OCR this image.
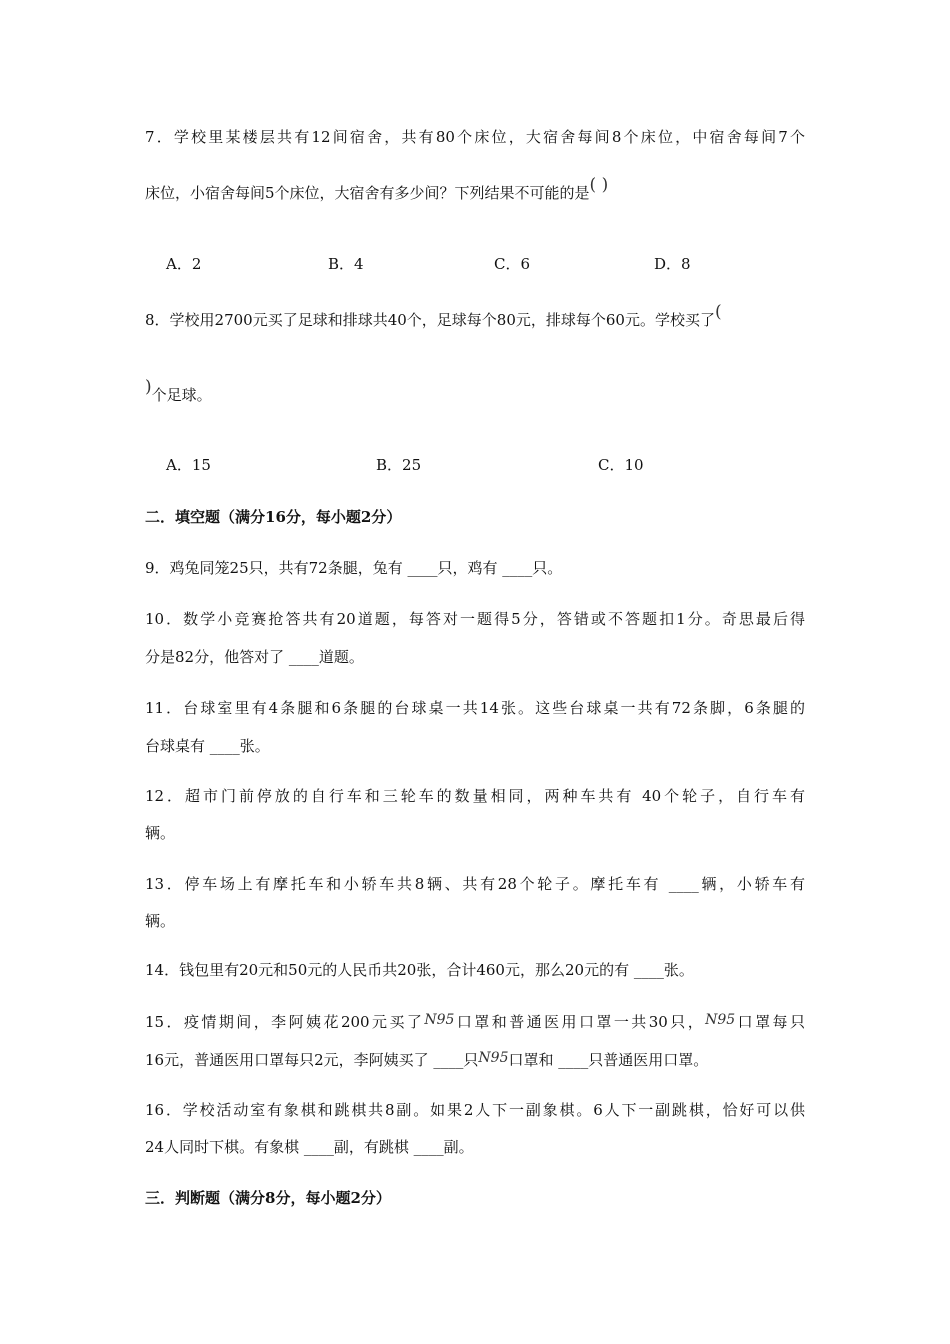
7．学校里某楼层共有12间宿舍，共有80个床位，大宿舍每间8个床位，中宿舍每间7个
床位，小宿舍每间5个床位，大宿舍有多少间？下列结果不可能的是( )
A．2	B．4	C．6	D．8
8．学校用2700元买了足球和排球共40个，足球每个80元，排球每个60元。学校买了(
)个足球。
A．15	B．25	C．10
二．填空题（满分16分，每小题2分）
9．鸡兔同笼25只，共有72条腿，兔有 ____只，鸡有 ____只。
10．数学小竞赛抢答共有20道题，每答对一题得5分，答错或不答题扣1分。奇思最后得
分是82分，他答对了 ____道题。
11．台球室里有4条腿和6条腿的台球桌一共14张。这些台球桌一共有72条脚，6条腿的
台球桌有 ____张。
12．超市门前停放的自行车和三轮车的数量相同，两种车共有 40个轮子，自行车有
辆。
13．停车场上有摩托车和小轿车共8辆、共有28个轮子。摩托车有 ____辆，小轿车有
辆。
14．钱包里有20元和50元的人民币共20张，合计460元，那么20元的有 ____张。
15．疫情期间，李阿姨花200元买了N95口罩和普通医用口罩一共30只，N95口罩每只
16元，普通医用口罩每只2元，李阿姨买了 ____只N95口罩和 ____只普通医用口罩。
16．学校活动室有象棋和跳棋共8副。如果2人下一副象棋。6人下一副跳棋，恰好可以供
24人同时下棋。有象棋 ____副，有跳棋 ____副。
三．判断题（满分8分，每小题2分）
